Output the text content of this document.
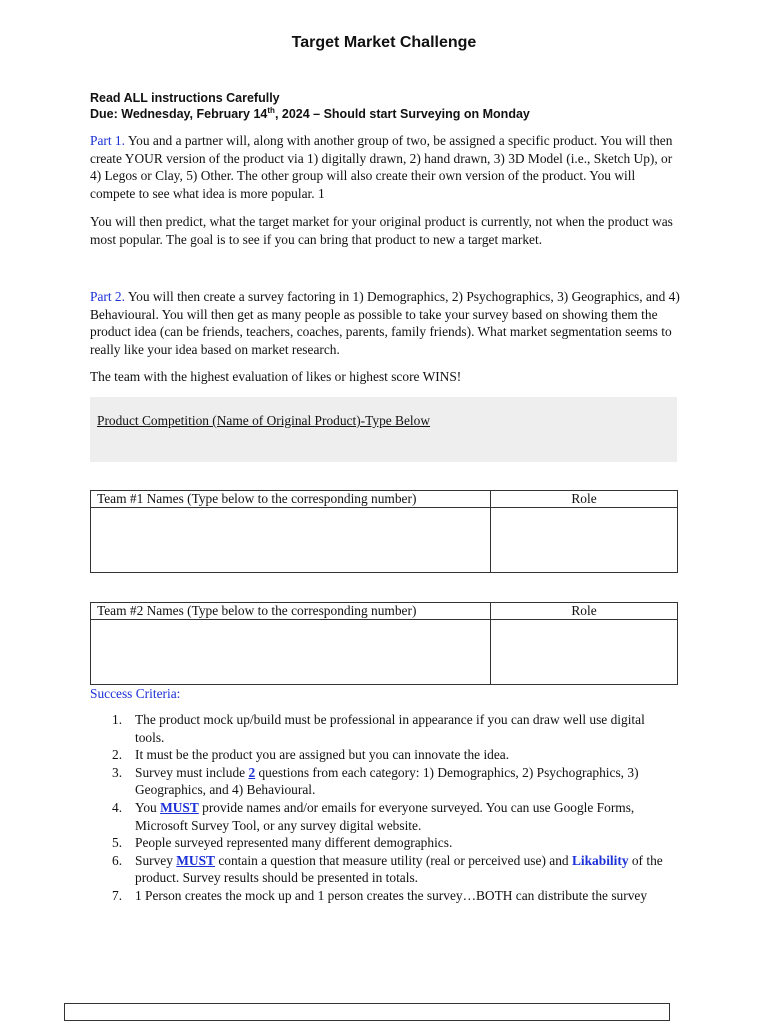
Target Market Challenge
Read ALL instructions Carefully
Due: Wednesday, February 14th, 2024 – Should start Surveying on Monday
Part 1. You and a partner will, along with another group of two, be assigned a specific product. You will then create YOUR version of the product via 1) digitally drawn, 2) hand drawn, 3) 3D Model (i.e., Sketch Up), or 4) Legos or Clay, 5) Other. The other group will also create their own version of the product. You will compete to see what idea is more popular. 1
You will then predict, what the target market for your original product is currently, not when the product was most popular. The goal is to see if you can bring that product to new a target market.
Part 2. You will then create a survey factoring in 1) Demographics, 2) Psychographics, 3) Geographics, and 4) Behavioural. You will then get as many people as possible to take your survey based on showing them the product idea (can be friends, teachers, coaches, parents, family friends). What market segmentation seems to really like your idea based on market research.
The team with the highest evaluation of likes or highest score WINS!
Product Competition (Name of Original Product)-Type Below
Team #1 Names (Type below to the corresponding number)	Role

Team #2 Names (Type below to the corresponding number)	Role

Success Criteria:
1. The product mock up/build must be professional in appearance if you can draw well use digital tools.
2. It must be the product you are assigned but you can innovate the idea.
3. Survey must include 2 questions from each category: 1) Demographics, 2) Psychographics, 3) Geographics, and 4) Behavioural.
4. You MUST provide names and/or emails for everyone surveyed. You can use Google Forms, Microsoft Survey Tool, or any survey digital website.
5. People surveyed represented many different demographics.
6. Survey MUST contain a question that measure utility (real or perceived use) and Likability of the product. Survey results should be presented in totals.
7. 1 Person creates the mock up and 1 person creates the survey…BOTH can distribute the survey
